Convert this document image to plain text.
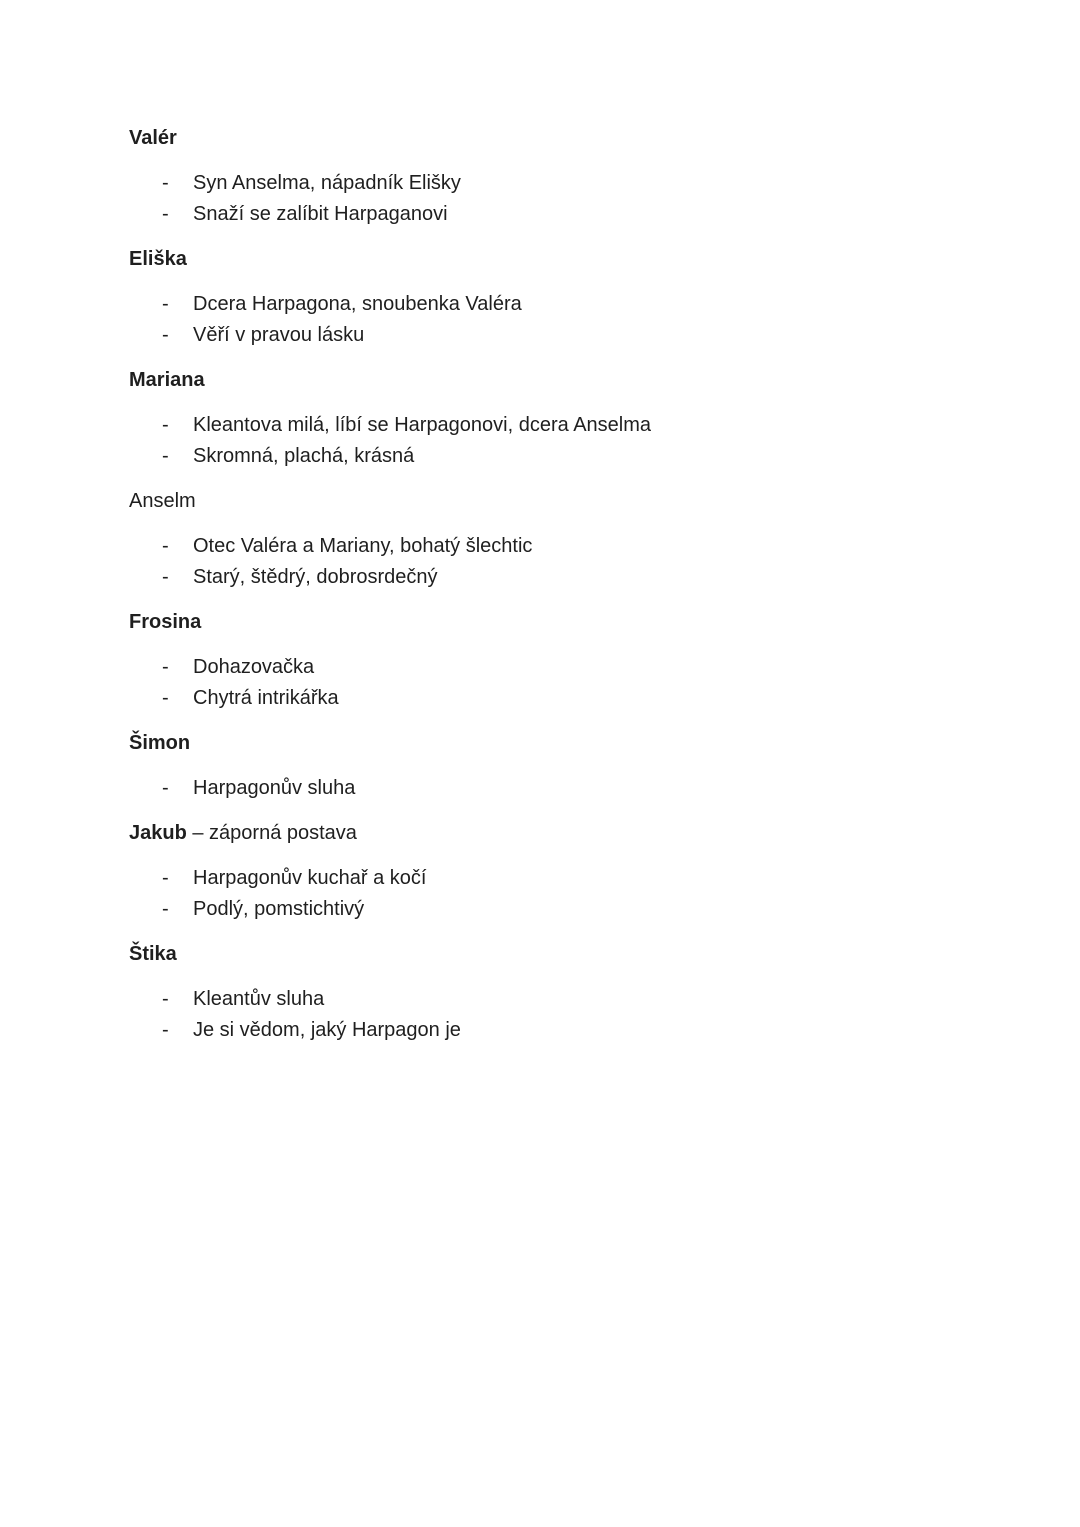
Valér
-	Syn Anselma, nápadník Elišky
-	Snaží se zalíbit Harpaganovi
Eliška
-	Dcera Harpagona, snoubenka Valéra
-	Věří v pravou lásku
Mariana
-	Kleantova milá, líbí se Harpagonovi, dcera Anselma
-	Skromná, plachá, krásná
Anselm
-	Otec Valéra a Mariany, bohatý šlechtic
-	Starý, štědrý, dobrosrdečný
Frosina
-	Dohazovačka
-	Chytrá intrikářka
Šimon
-	Harpagonův sluha
Jakub – záporná postava
-	Harpagonův kuchař a kočí
-	Podlý, pomstichtivý
Štika
-	Kleantův sluha
-	Je si vědom, jaký Harpagon je
